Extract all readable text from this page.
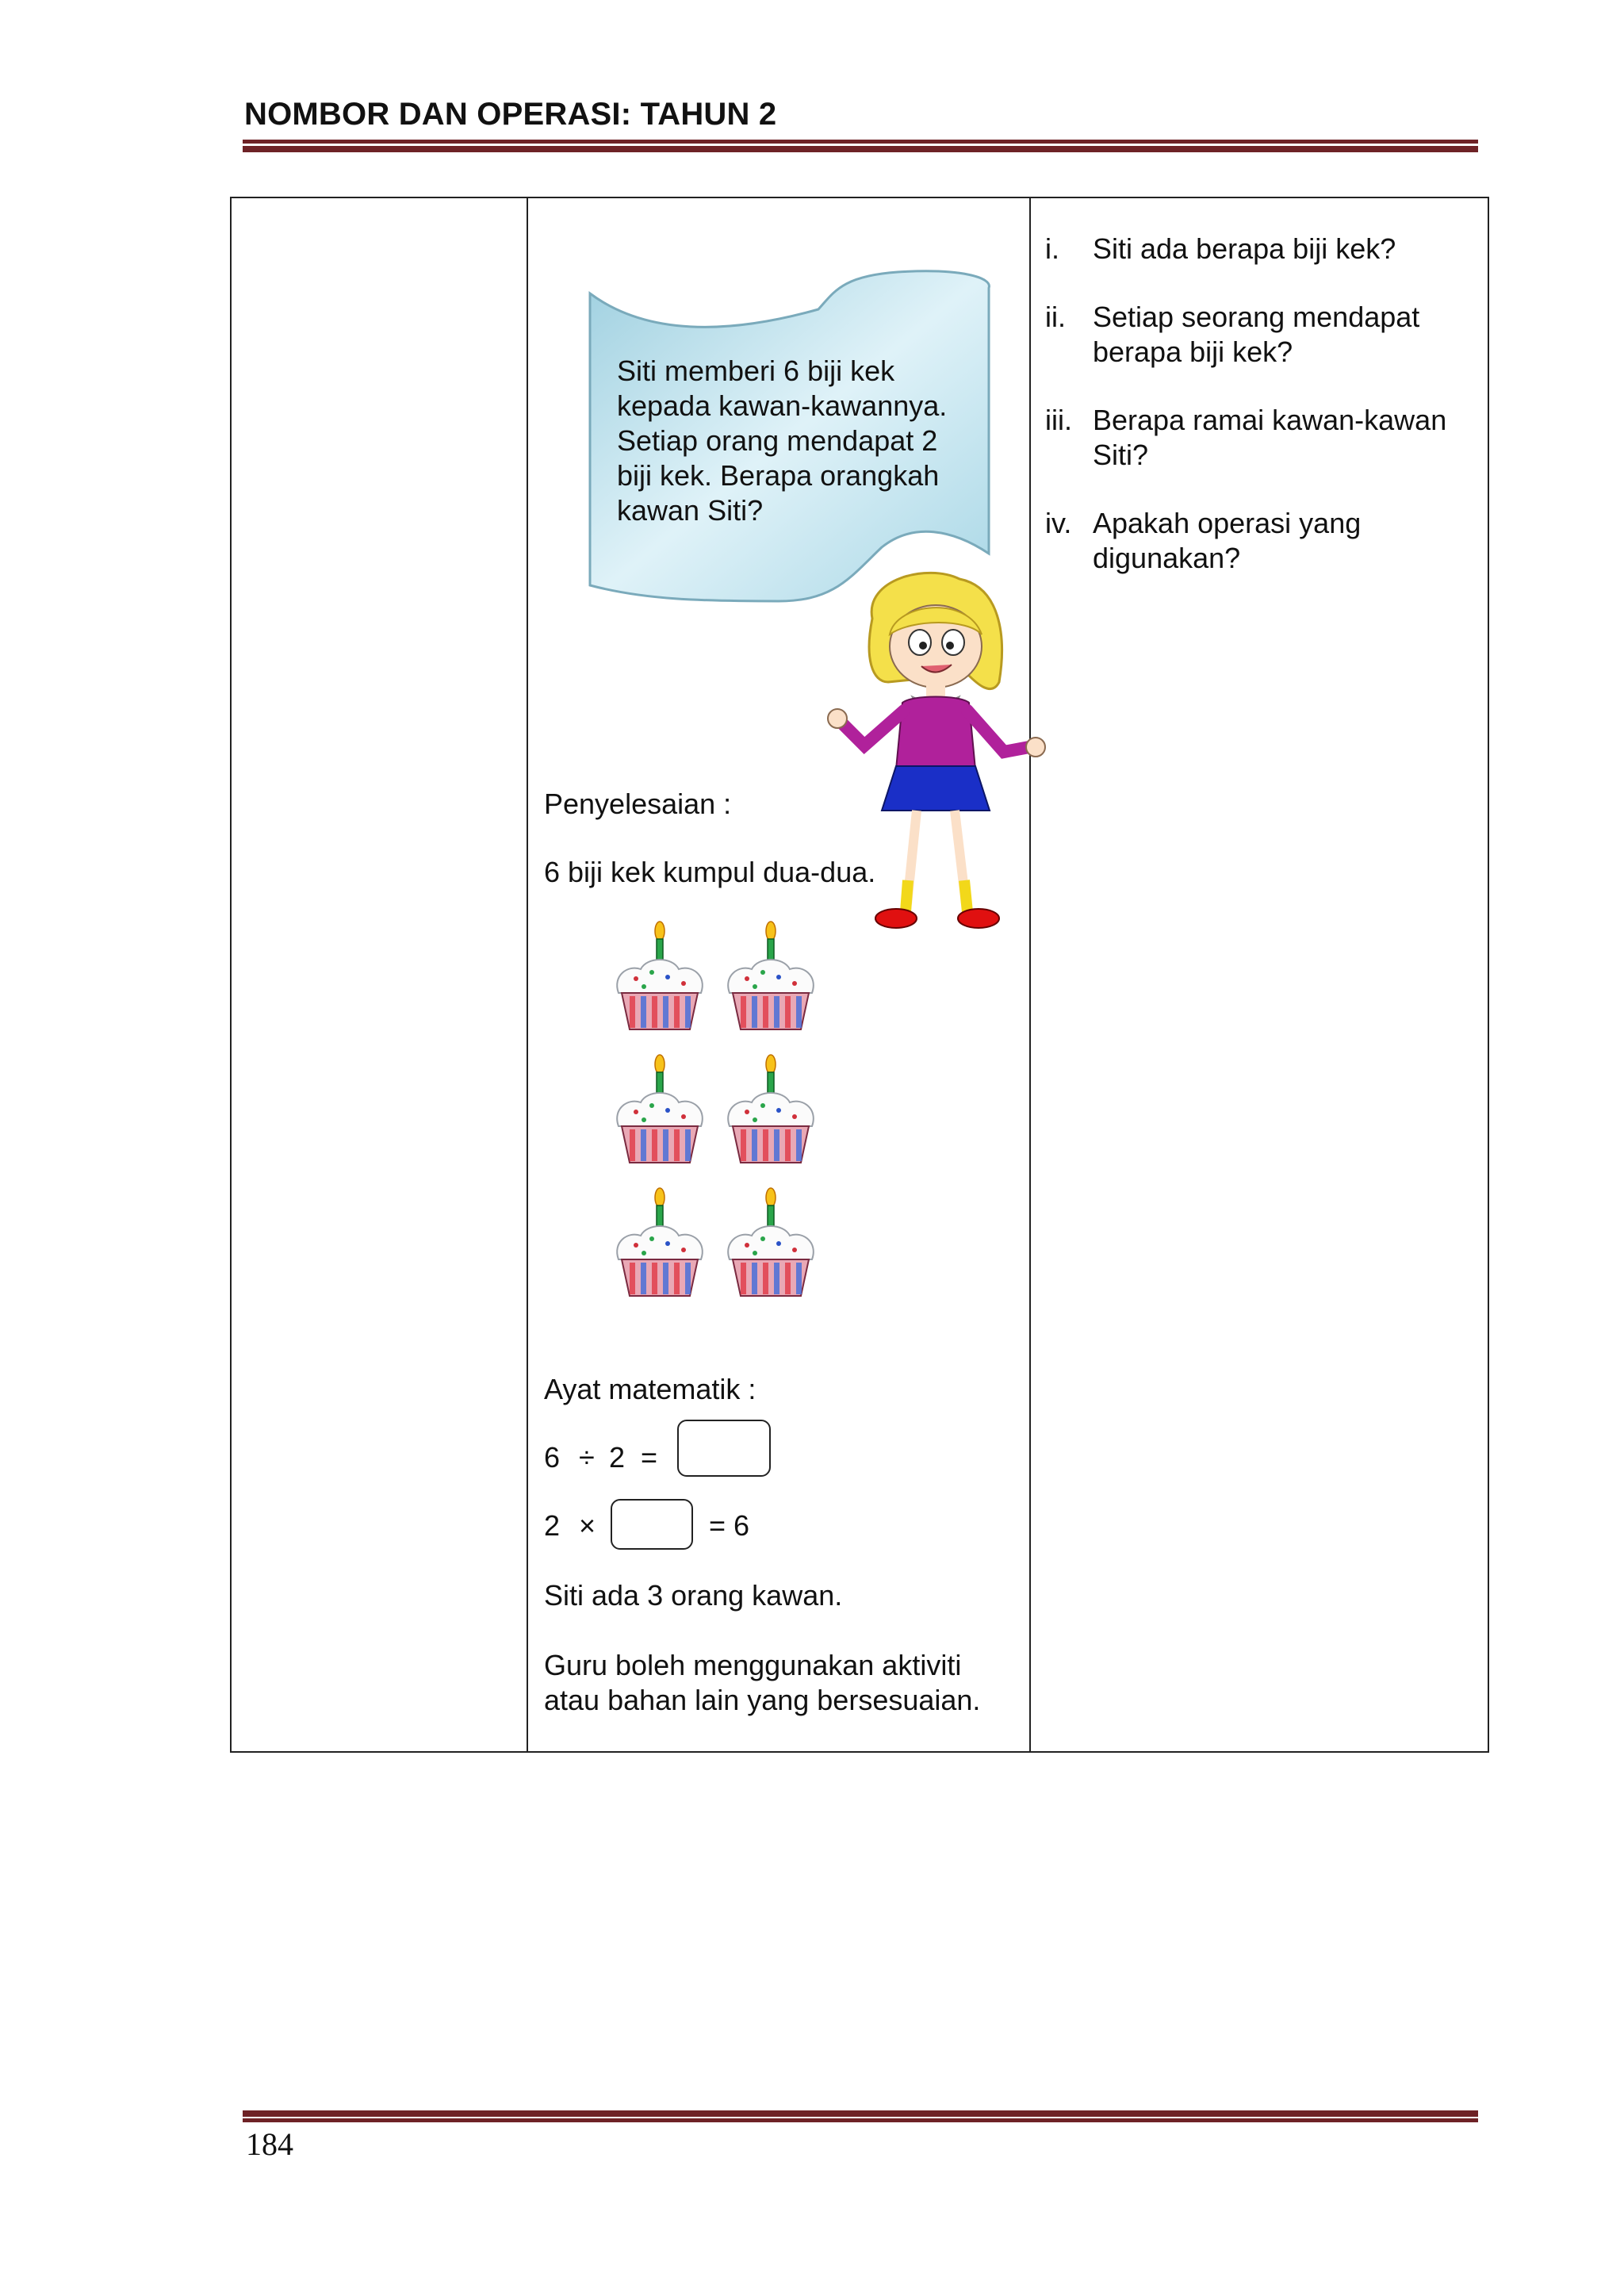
NOMBOR DAN OPERASI: TAHUN 2
Siti memberi 6 biji kek
kepada kawan-kawannya.
Setiap orang mendapat 2
biji kek. Berapa orangkah
kawan Siti?
Penyelesaian :
6 biji kek kumpul dua-dua.
Ayat matematik :
6 ÷ 2 =
2 ×	= 6
Siti ada 3 orang kawan.
Guru boleh menggunakan aktiviti
atau bahan lain yang bersesuaian.
i. Siti ada berapa biji kek?
ii. Setiap seorang mendapat berapa biji kek?
iii. Berapa ramai kawan-kawan Siti?
iv. Apakah operasi yang digunakan?
184
